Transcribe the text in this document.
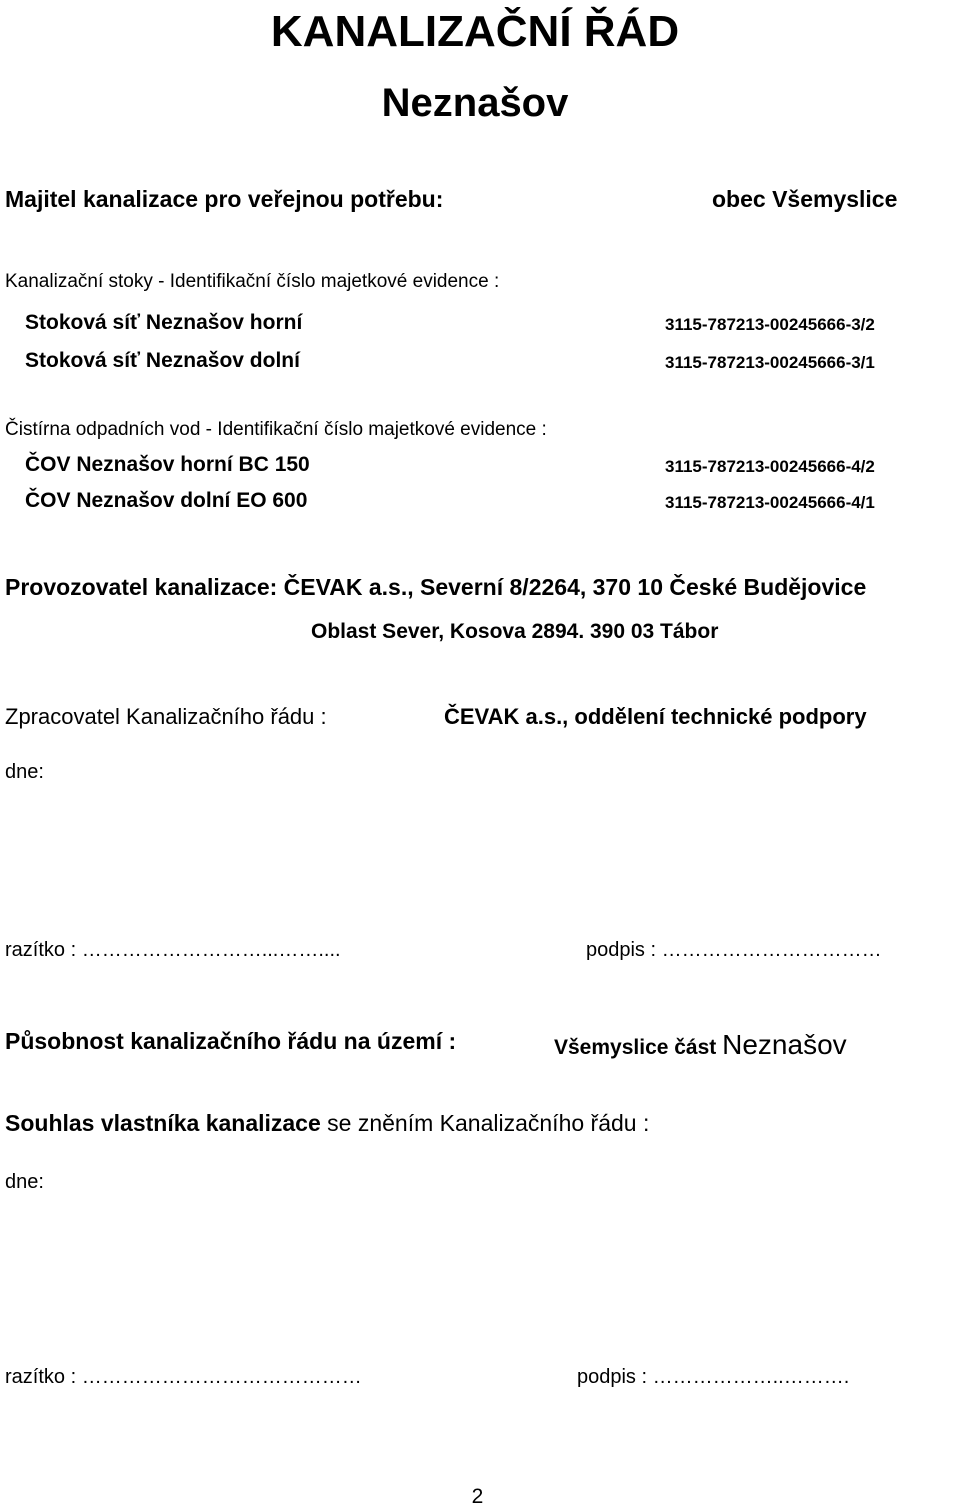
KANALIZAČNÍ ŘÁD
Neznašov
Majitel kanalizace pro veřejnou potřebu:	obec Všemyslice
Kanalizační stoky - Identifikační číslo majetkové evidence :
Stoková síť Neznašov horní	3115-787213-00245666-3/2
Stoková síť Neznašov dolní	3115-787213-00245666-3/1
Čistírna odpadních vod - Identifikační číslo majetkové evidence :
ČOV Neznašov horní BC 150	3115-787213-00245666-4/2
ČOV Neznašov dolní EO 600	3115-787213-00245666-4/1
Provozovatel kanalizace: ČEVAK a.s., Severní 8/2264, 370 10 České Budějovice
Oblast Sever, Kosova 2894. 390 03 Tábor
Zpracovatel Kanalizačního řádu :	ČEVAK a.s., oddělení technické podpory
dne:
razítko : ………………………...……....	podpis : ……………………………
Působnost kanalizačního řádu na území :	Všemyslice část Neznašov
Souhlas vlastníka kanalizace se zněním Kanalizačního řádu :
dne:
razítko : ……………………………………	podpis : ………………..……….
2
